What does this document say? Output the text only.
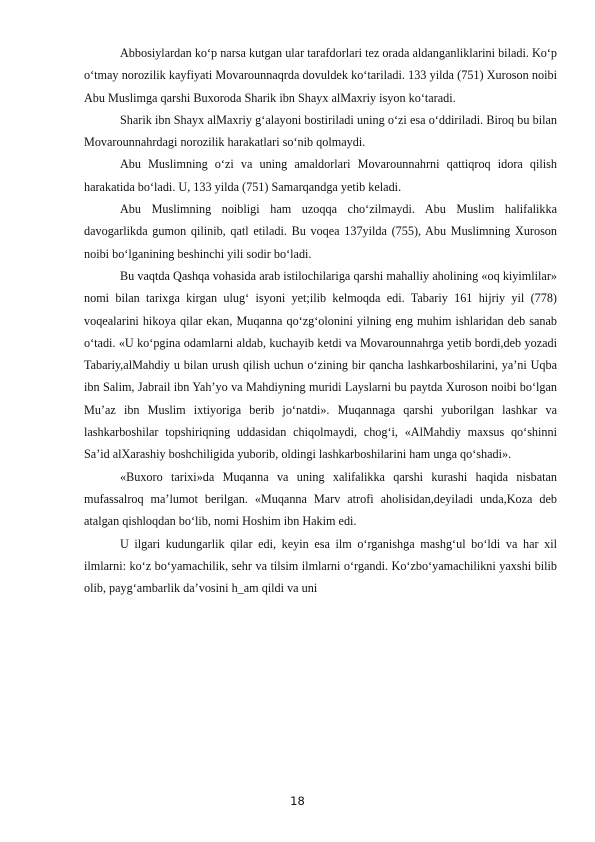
Abbosiylardan ko‘p narsa kutgan ular tarafdorlari tez orada aldanganliklarini biladi. Ko‘p o‘tmay norozilik kayfiyati Movarounnaqrda dovuldek ko‘tariladi. 133 yilda (751) Xuroson noibi Abu Muslimga qarshi Buxoroda Sharik ibn Shayx alMaxriy isyon ko‘taradi.

Sharik ibn Shayx alMaxriy g‘alayoni bostiriladi uning o‘zi esa o‘ddiriladi. Biroq bu bilan Movarounnahrdagi norozilik harakatlari so‘nib qolmaydi.

Abu Muslimning o‘zi va uning amaldorlari Movarounnahrni qattiqroq idora qilish harakatida bo‘ladi. U, 133 yilda (751) Samarqandga yetib keladi.

Abu Muslimning noibligi ham uzoqqa cho‘zilmaydi. Abu Muslim halifalikka davogarlikda gumon qilinib, qatl etiladi. Bu voqea 137yilda (755), Abu Muslimning Xuroson noibi bo‘lganining beshinchi yili sodir bo‘ladi.

Bu vaqtda Qashqa vohasida arab istilochilariga qarshi mahalliy aholining «oq kiyimlilar» nomi bilan tarixga kirgan ulug‘ isyoni yet;ilib kelmoqda edi. Tabariy 161 hijriy yil (778) voqealarini hikoya qilar ekan, Muqanna qo‘zg‘olonini yilning eng muhim ishlaridan deb sanab o‘tadi. «U ko‘pgina odamlarni aldab, kuchayib ketdi va Movarounnahrga yetib bordi,deb yozadi Tabariy,alMahdiy u bilan urush qilish uchun o‘zining bir qancha lashkarboshilarini, ya’ni Uqba ibn Salim, Jabrail ibn Yah’yo va Mahdiyning muridi Layslarni bu paytda Xuroson noibi bo‘lgan Mu’az ibn Muslim ixtiyoriga berib jo‘natdi». Muqannaga qarshi yuborilgan lashkar va lashkarboshilar topshiriqning uddasidan chiqolmaydi, chog‘i, «AlMahdiy maxsus qo‘shinni Sa’id alXarashiy boshchiligida yuborib, oldingi lashkarboshilarini ham unga qo‘shadi».

«Buxoro tarixi»da Muqanna va uning xalifalikka qarshi kurashi haqida nisbatan mufassalroq ma’lumot berilgan. «Muqanna Marv atrofi aholisidan,deyiladi unda,Koza deb atalgan qishloqdan bo‘lib, nomi Hoshim ibn Hakim edi.

U ilgari kudungarlik qilar edi, keyin esa ilm o‘rganishga mashg‘ul bo‘ldi va har xil ilmlarni: ko‘z bo‘yamachilik, sehr va tilsim ilmlarni o‘rgandi. Ko‘zbo‘yamachilikni yaxshi bilib olib, payg‘ambarlik da’vosini h_am qildi va uni

18
